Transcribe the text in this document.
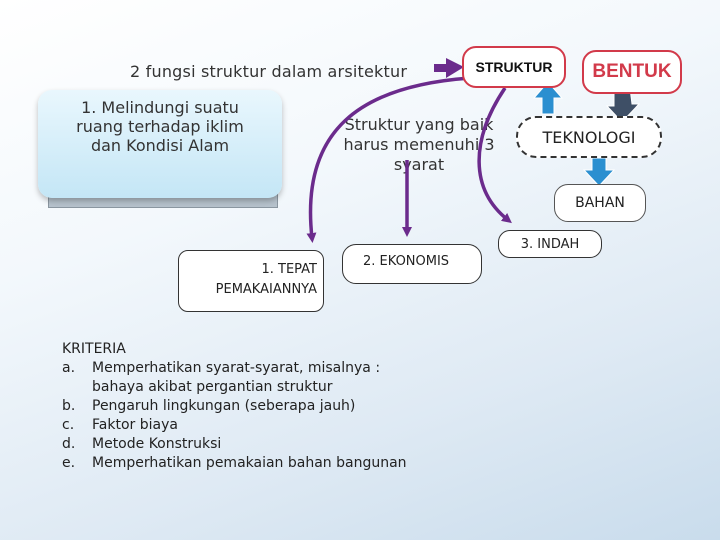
2 fungsi struktur dalam arsitektur
1. Melindungi suatu
ruang terhadap iklim
dan Kondisi Alam
Struktur yang baik
harus memenuhi 3
syarat
STRUKTUR	BENTUK
TEKNOLOGI
BAHAN
3. INDAH
1. TEPAT
PEMAKAIANNYA
2. EKONOMIS
KRITERIA
a.	Memperhatikan syarat-syarat, misalnya :
bahaya akibat pergantian struktur
b.	Pengaruh lingkungan (seberapa jauh)
c.	Faktor biaya
d.	Metode Konstruksi
e.	Memperhatikan pemakaian bahan bangunan
